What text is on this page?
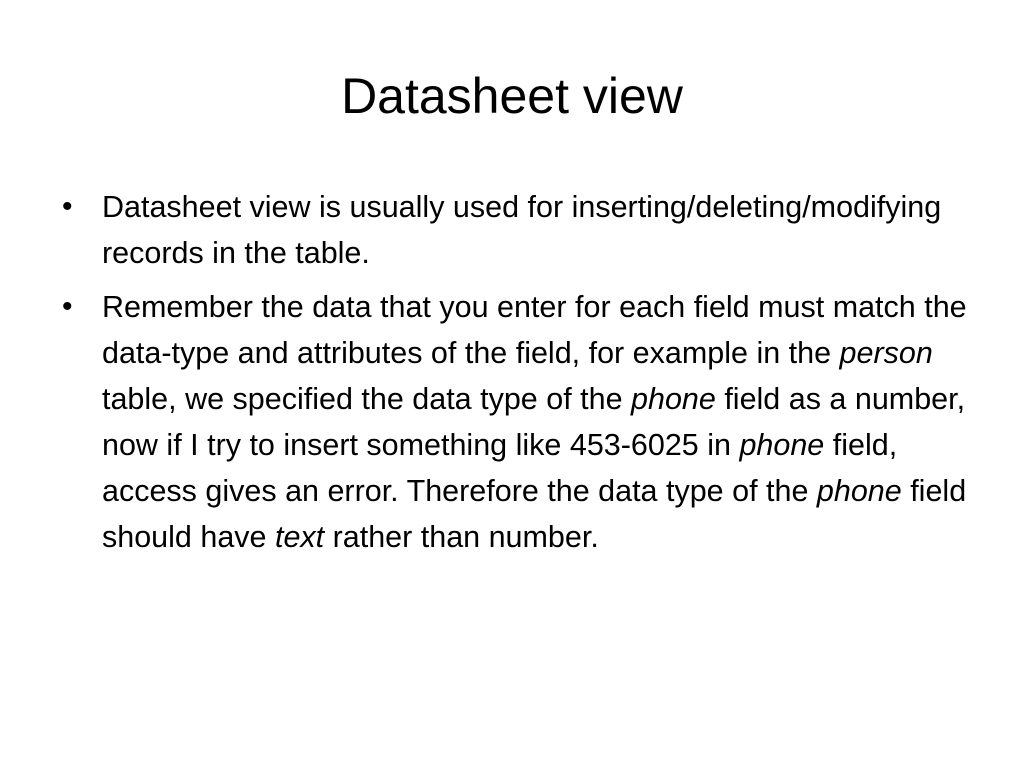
Datasheet view
• Datasheet view is usually used for inserting/deleting/modifying records in the table.
• Remember the data that you enter for each field must match the data-type and attributes of the field, for example in the person table, we specified the data type of the phone field as a number, now if I try to insert something like 453-6025 in phone field, access gives an error. Therefore the data type of the phone field should have text rather than number.
